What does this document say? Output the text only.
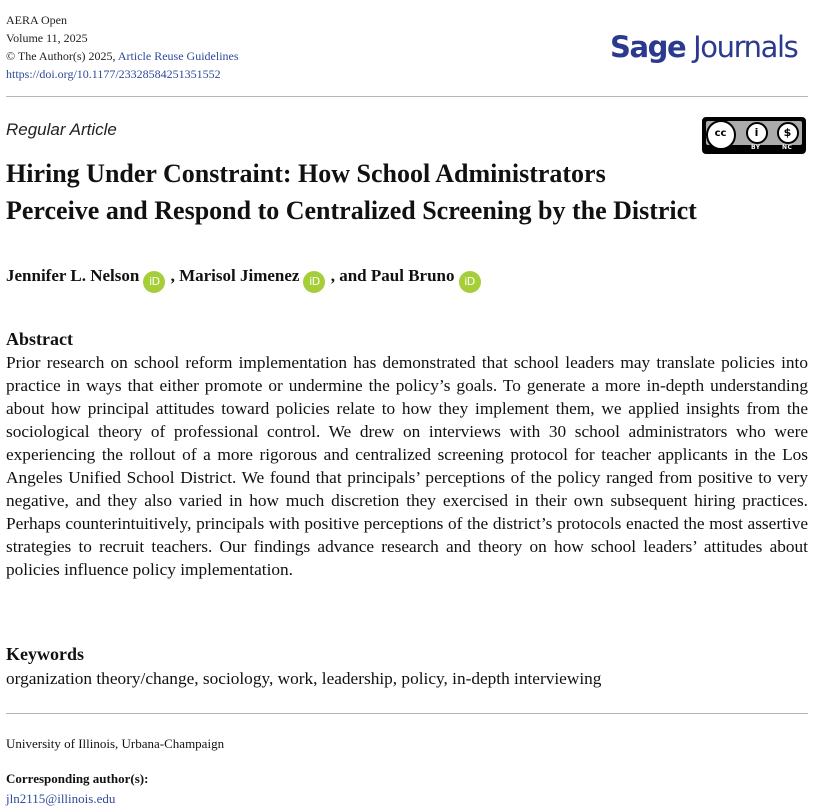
AERA Open
Volume 11, 2025
© The Author(s) 2025, Article Reuse Guidelines
https://doi.org/10.1177/23328584251351552
Sage Journals
Regular Article	cc	i	$
BY	NC
Hiring Under Constraint: How School Administrators
Perceive and Respond to Centralized Screening by the District
Jennifer L. Nelson iD , Marisol Jimenez iD , and Paul Bruno iD
Abstract

Prior research on school reform implementation has demonstrated that school leaders may translate policies into practice in ways that either promote or undermine the policy’s goals. To generate a more in-depth understanding about how principal attitudes toward policies relate to how they implement them, we applied insights from the sociological theory of professional control. We drew on interviews with 30 school administrators who were experiencing the rollout of a more rigorous and centralized screening protocol for teacher applicants in the Los Angeles Unified School District. We found that principals’ perceptions of the policy ranged from positive to very negative, and they also varied in how much discretion they exercised in their own subsequent hiring practices. Perhaps counterintuitively, principals with positive perceptions of the district’s protocols enacted the most assertive strategies to recruit teachers. Our findings advance research and theory on how school leaders’ attitudes about policies influence policy implementation.

Keywords
organization theory/change, sociology, work, leadership, policy, in-depth interviewing
University of Illinois, Urbana-Champaign
Corresponding author(s):
jln2115@illinois.edu
